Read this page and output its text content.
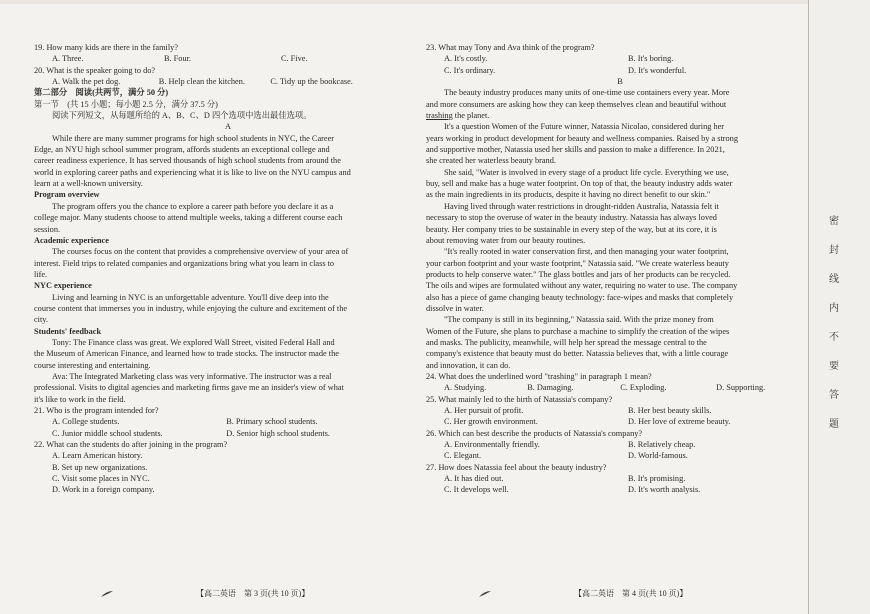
19. How many kids are there in the family?
A. Three.	B. Four.	C. Five.
20. What is the speaker going to do?
A. Walk the pet dog.	B. Help clean the kitchen.	C. Tidy up the bookcase.
第二部分　阅读(共两节，满分 50 分)
第一节　(共 15 小题；每小题 2.5 分，满分 37.5 分)
阅读下列短文，从每题所给的 A、B、C、D 四个选项中选出最佳选项。
A
While there are many summer programs for high school students in NYC, the Career
Edge, an NYU high school summer program, affords students an exceptional college and
career readiness experience. It has served thousands of high school students from around the
world in exploring career paths and experiencing what it is like to live on the NYU campus and
learn at a well-known university.
Program overview
The program offers you the chance to explore a career path before you declare it as a
college major. Many students choose to attend multiple weeks, taking a different course each
session.
Academic experience
The courses focus on the content that provides a comprehensive overview of your area of
interest. Field trips to related companies and organizations bring what you learn in class to
life.
NYC experience
Living and learning in NYC is an unforgettable adventure. You'll dive deep into the
course content that immerses you in industry, while enjoying the culture and excitement of the
city.
Students' feedback
Tony: The Finance class was great. We explored Wall Street, visited Federal Hall and
the Museum of American Finance, and learned how to trade stocks. The instructor made the
course interesting and entertaining.
Ava: The Integrated Marketing class was very informative. The instructor was a real
professional. Visits to digital agencies and marketing firms gave me an insider's view of what
it's like to work in the field.
21. Who is the program intended for?
A. College students.	B. Primary school students.
C. Junior middle school students.	D. Senior high school students.
22. What can the students do after joining in the program?
A. Learn American history.
B. Set up new organizations.
C. Visit some places in NYC.
D. Work in a foreign company.
23. What may Tony and Ava think of the program?
A. It's costly.	B. It's boring.
C. It's ordinary.	D. It's wonderful.
B
The beauty industry produces many units of one-time use containers every year. More
and more consumers are asking how they can keep themselves clean and beautiful without
trashing the planet.
It's a question Women of the Future winner, Natassia Nicolao, considered during her
years working in product development for beauty and wellness companies. Raised by a strong
and supportive mother, Natassia used her skills and passion to make a difference. In 2021,
she created her waterless beauty brand.
She said, "Water is involved in every stage of a product life cycle. Everything we use,
buy, sell and make has a huge water footprint. On top of that, the beauty industry adds water
as the main ingredients in its products, despite it having no direct benefit to our skin."
Having lived through water restrictions in drought-ridden Australia, Natassia felt it
necessary to stop the overuse of water in the beauty industry. Natassia has always loved
beauty. Her company tries to be sustainable in every step of the way, but at its core, it is
about removing water from our beauty routines.
"It's really rooted in water conservation first, and then managing your water footprint,
your carbon footprint and your waste footprint," Natassia said. "We create waterless beauty
products to help conserve water." The glass bottles and jars of her products can be recycled.
The oils and wipes are formulated without any water, requiring no water to use. The company
also has a piece of game changing beauty technology: face-wipes and masks that completely
dissolve in water.
"The company is still in its beginning," Natassia said. With the prize money from
Women of the Future, she plans to purchase a machine to simplify the creation of the wipes
and masks. The publicity, meanwhile, will help her spread the message central to the
company's existence that beauty must do better. Natassia believes that, with a little courage
and innovation, it can do.
24. What does the underlined word "trashing" in paragraph 1 mean?
A. Studying.	B. Damaging.	C. Exploding.	D. Supporting.
25. What mainly led to the birth of Natassia's company?
A. Her pursuit of profit.	B. Her best beauty skills.
C. Her growth environment.	D. Her love of extreme beauty.
26. Which can best describe the products of Natassia's company?
A. Environmentally friendly.	B. Relatively cheap.
C. Elegant.	D. World-famous.
27. How does Natassia feel about the beauty industry?
A. It has died out.	B. It's promising.
C. It develops well.	D. It's worth analysis.
【高二英语　第 3 页(共 10 页)】	【高二英语　第 4 页(共 10 页)】
密
封
线
内
不
要
答
题
